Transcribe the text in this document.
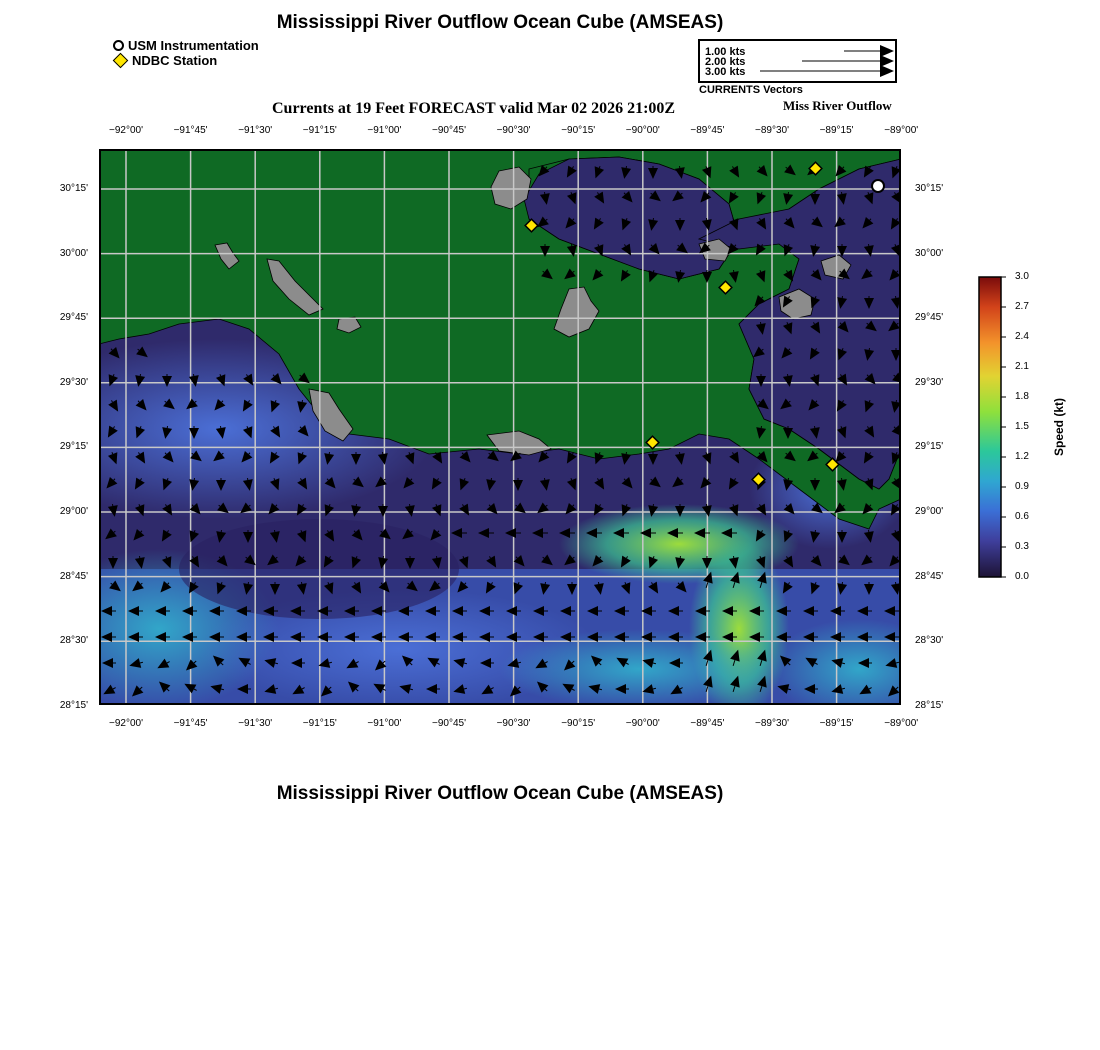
Mississippi River Outflow Ocean Cube (AMSEAS)
USM Instrumentation
NDBC Station
1.00 kts
2.00 kts
3.00 kts
CURRENTS Vectors
Currents at 19 Feet FORECAST valid Mar 02 2026 21:00Z	Miss River Outflow
−92°00'	−91°45'	−91°30'	−91°15'	−91°00'	−90°45'	−90°30'	−90°15'	−90°00'	−89°45'	−89°30'	−89°15'	−89°00'
−92°00'	−91°45'	−91°30'	−91°15'	−91°00'	−90°45'	−90°30'	−90°15'	−90°00'	−89°45'	−89°30'	−89°15'	−89°00'
30°15'
30°00'
29°45'
29°30'
29°15'
29°00'
28°45'
28°30'
28°15'
30°15'
30°00'
29°45'
29°30'
29°15'
29°00'
28°45'
28°30'
28°15'
3.0
2.7
2.4
2.1
1.8
1.5
1.2
0.9
0.6
0.3
0.0
Speed (kt)
Mississippi River Outflow Ocean Cube (AMSEAS)
